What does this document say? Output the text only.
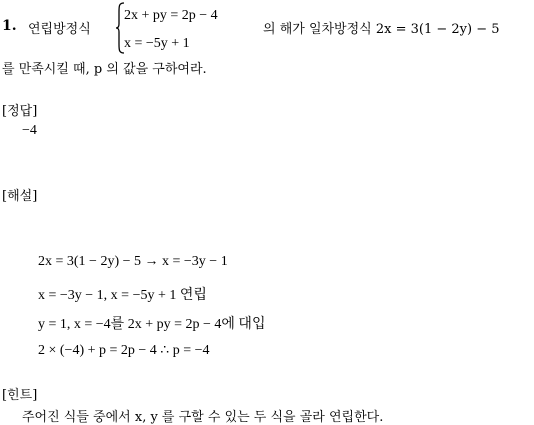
1. 연립방정식
2x + py = 2p − 4
x = −5y + 1
의 해가 일차방정식 2x = 3(1 − 2y) − 5
를 만족시킬 때, p 의 값을 구하여라.
[정답]
−4
[해설]
2x = 3(1 − 2y) − 5 → x = −3y − 1
x = −3y − 1, x = −5y + 1 연립
y = 1, x = −4를 2x + py = 2p − 4에 대입
2 × (−4) + p = 2p − 4 ∴ p = −4
[힌트]
주어진 식들 중에서 x, y 를 구할 수 있는 두 식을 골라 연립한다.
